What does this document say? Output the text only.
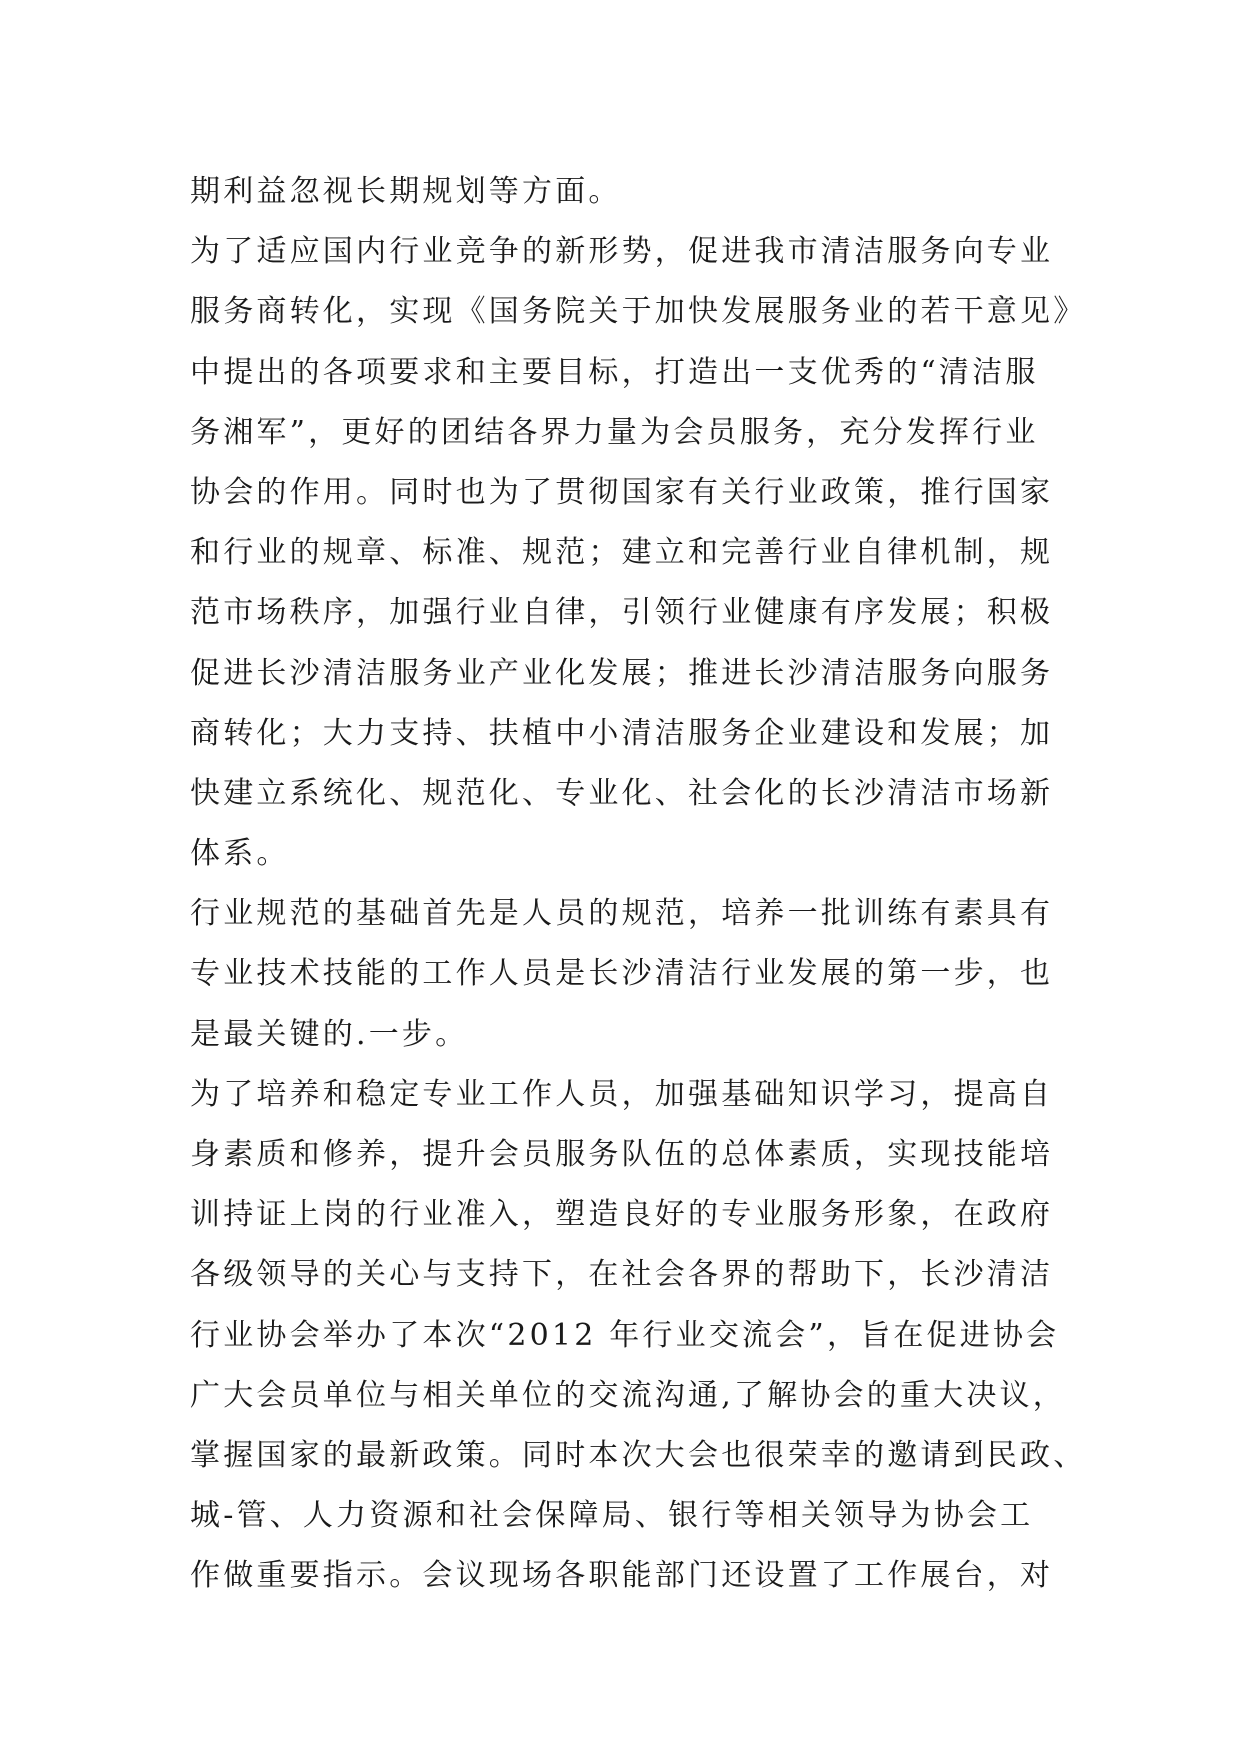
期利益忽视长期规划等方面。
为了适应国内行业竞争的新形势，促进我市清洁服务向专业
服务商转化，实现《国务院关于加快发展服务业的若干意见》
中提出的各项要求和主要目标，打造出一支优秀的“清洁服
务湘军”，更好的团结各界力量为会员服务，充分发挥行业
协会的作用。同时也为了贯彻国家有关行业政策，推行国家
和行业的规章、标准、规范；建立和完善行业自律机制，规
范市场秩序，加强行业自律，引领行业健康有序发展；积极
促进长沙清洁服务业产业化发展；推进长沙清洁服务向服务
商转化；大力支持、扶植中小清洁服务企业建设和发展；加
快建立系统化、规范化、专业化、社会化的长沙清洁市场新
体系。
行业规范的基础首先是人员的规范，培养一批训练有素具有
专业技术技能的工作人员是长沙清洁行业发展的第一步，也
是最关键的.一步。
为了培养和稳定专业工作人员，加强基础知识学习，提高自
身素质和修养，提升会员服务队伍的总体素质，实现技能培
训持证上岗的行业准入，塑造良好的专业服务形象，在政府
各级领导的关心与支持下，在社会各界的帮助下，长沙清洁
行业协会举办了本次“2012 年行业交流会”，旨在促进协会
广大会员单位与相关单位的交流沟通,了解协会的重大决议，
掌握国家的最新政策。同时本次大会也很荣幸的邀请到民政、
城-管、人力资源和社会保障局、银行等相关领导为协会工
作做重要指示。会议现场各职能部门还设置了工作展台，对
